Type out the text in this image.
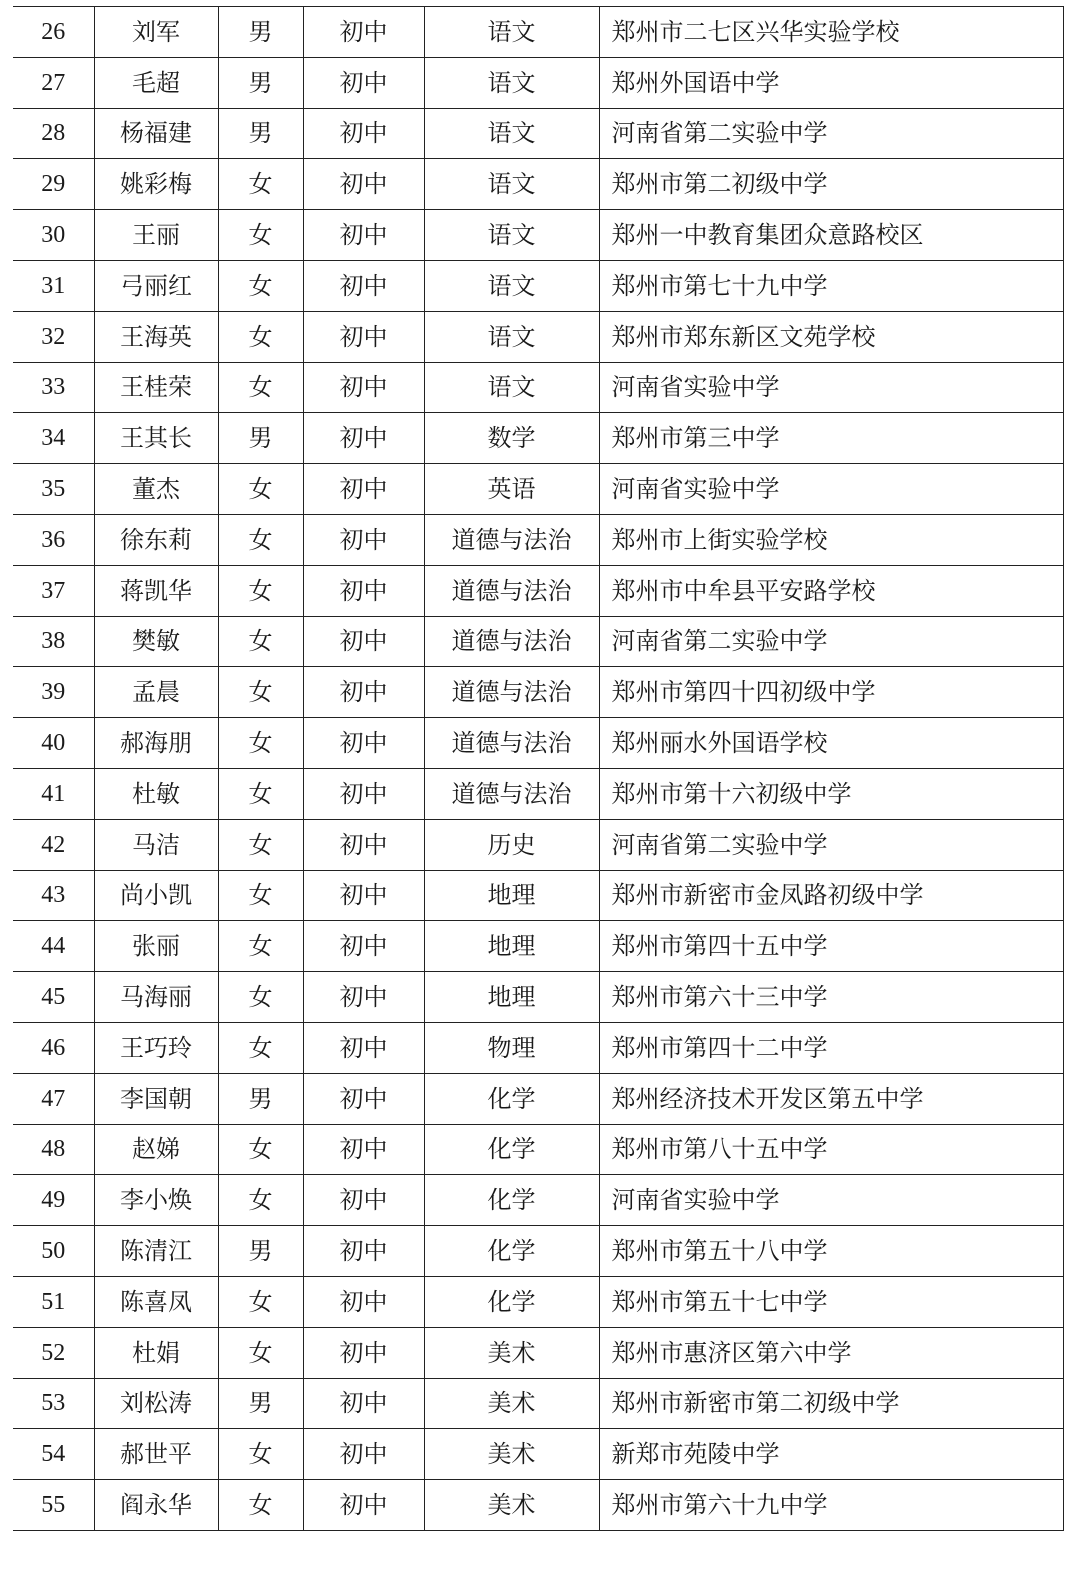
26	刘军	男	初中	语文	郑州市二七区兴华实验学校
27	毛超	男	初中	语文	郑州外国语中学
28	杨福建	男	初中	语文	河南省第二实验中学
29	姚彩梅	女	初中	语文	郑州市第二初级中学
30	王丽	女	初中	语文	郑州一中教育集团众意路校区
31	弓丽红	女	初中	语文	郑州市第七十九中学
32	王海英	女	初中	语文	郑州市郑东新区文苑学校
33	王桂荣	女	初中	语文	河南省实验中学
34	王其长	男	初中	数学	郑州市第三中学
35	董杰	女	初中	英语	河南省实验中学
36	徐东莉	女	初中	道德与法治	郑州市上街实验学校
37	蒋凯华	女	初中	道德与法治	郑州市中牟县平安路学校
38	樊敏	女	初中	道德与法治	河南省第二实验中学
39	孟晨	女	初中	道德与法治	郑州市第四十四初级中学
40	郝海朋	女	初中	道德与法治	郑州丽水外国语学校
41	杜敏	女	初中	道德与法治	郑州市第十六初级中学
42	马洁	女	初中	历史	河南省第二实验中学
43	尚小凯	女	初中	地理	郑州市新密市金凤路初级中学
44	张丽	女	初中	地理	郑州市第四十五中学
45	马海丽	女	初中	地理	郑州市第六十三中学
46	王巧玲	女	初中	物理	郑州市第四十二中学
47	李国朝	男	初中	化学	郑州经济技术开发区第五中学
48	赵娣	女	初中	化学	郑州市第八十五中学
49	李小焕	女	初中	化学	河南省实验中学
50	陈清江	男	初中	化学	郑州市第五十八中学
51	陈喜凤	女	初中	化学	郑州市第五十七中学
52	杜娟	女	初中	美术	郑州市惠济区第六中学
53	刘松涛	男	初中	美术	郑州市新密市第二初级中学
54	郝世平	女	初中	美术	新郑市苑陵中学
55	阎永华	女	初中	美术	郑州市第六十九中学
